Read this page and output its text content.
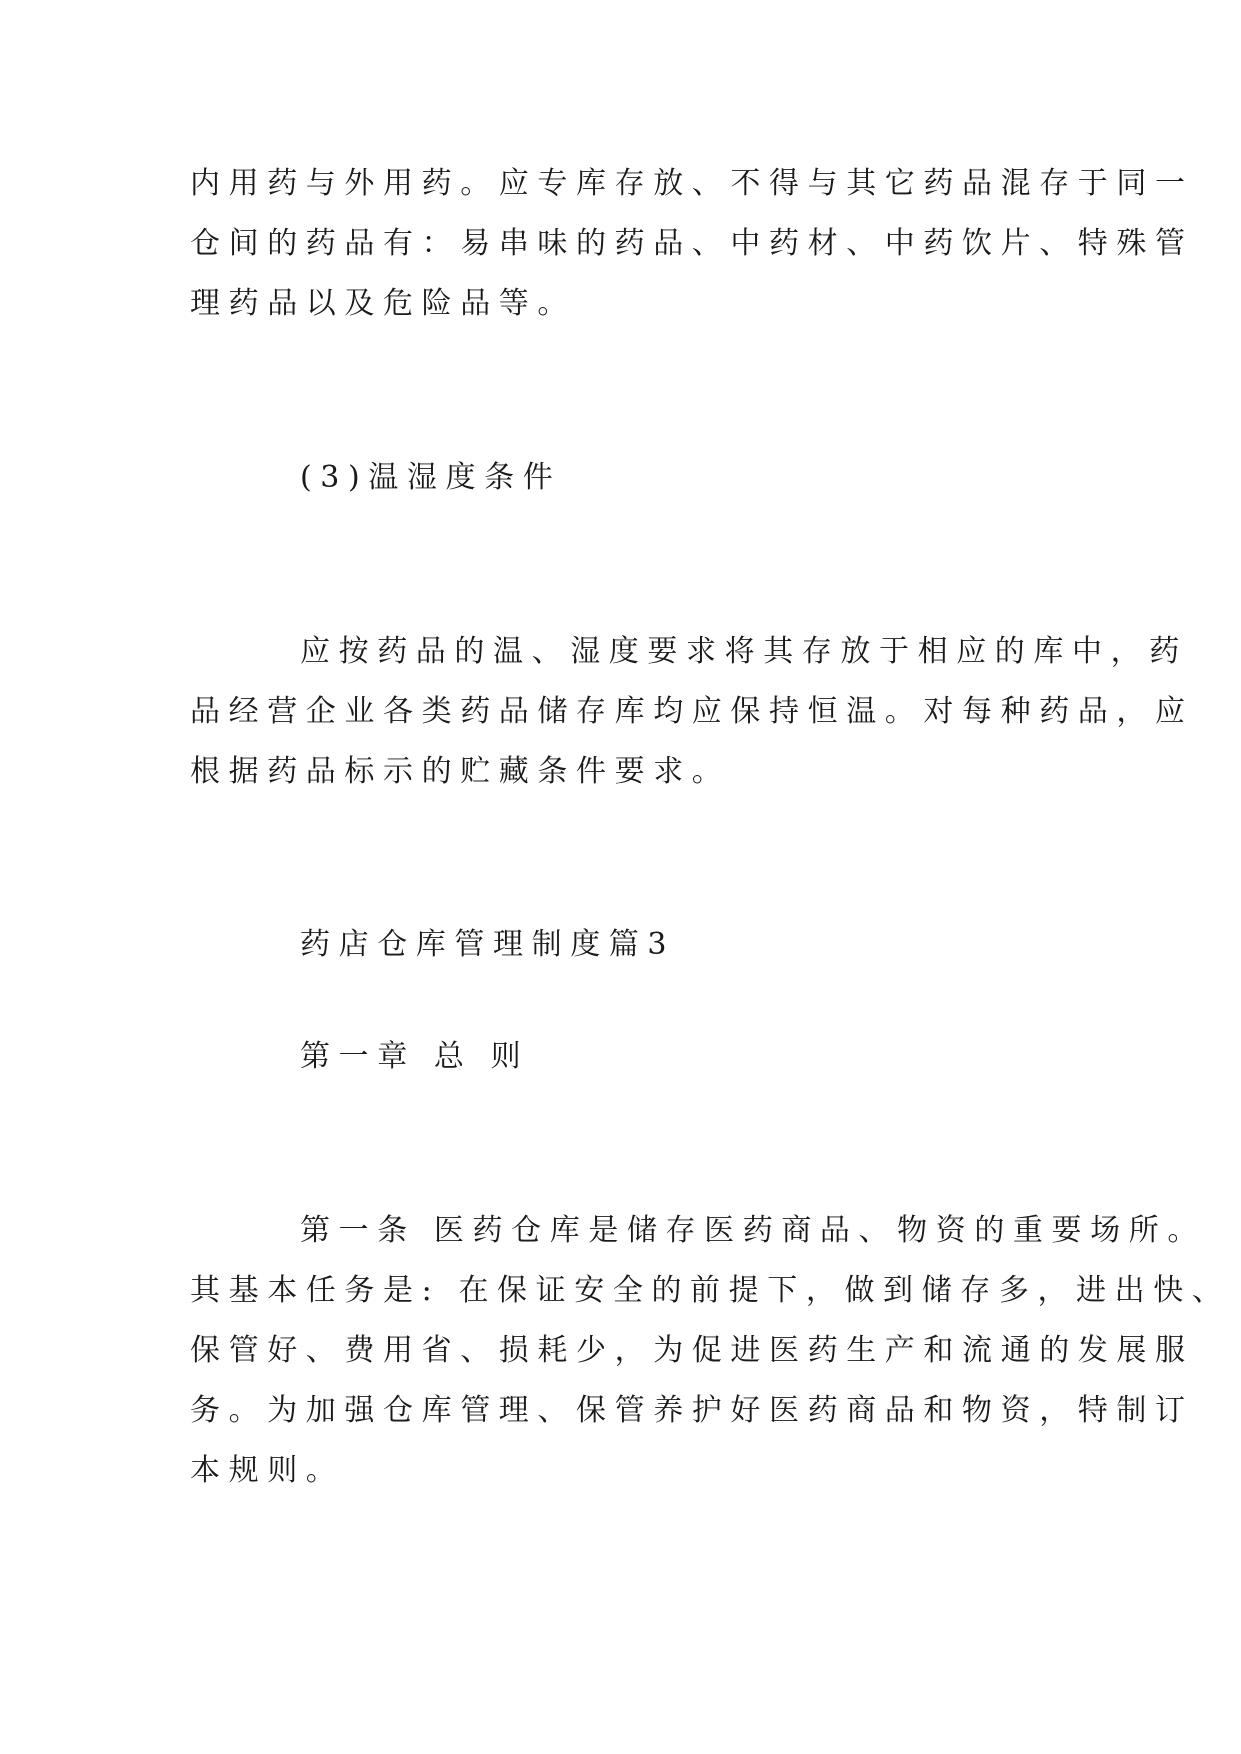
内用药与外用药。应专库存放、不得与其它药品混存于同一
仓间的药品有：易串味的药品、中药材、中药饮片、特殊管
理药品以及危险品等。
(3)温湿度条件
应按药品的温、湿度要求将其存放于相应的库中，药
品经营企业各类药品储存库均应保持恒温。对每种药品，应
根据药品标示的贮藏条件要求。
药店仓库管理制度篇3
第一章 总 则
第一条 医药仓库是储存医药商品、物资的重要场所。
其基本任务是: 在保证安全的前提下，做到储存多，进出快、
保管好、费用省、损耗少，为促进医药生产和流通的发展服
务。为加强仓库管理、保管养护好医药商品和物资，特制订
本规则。
